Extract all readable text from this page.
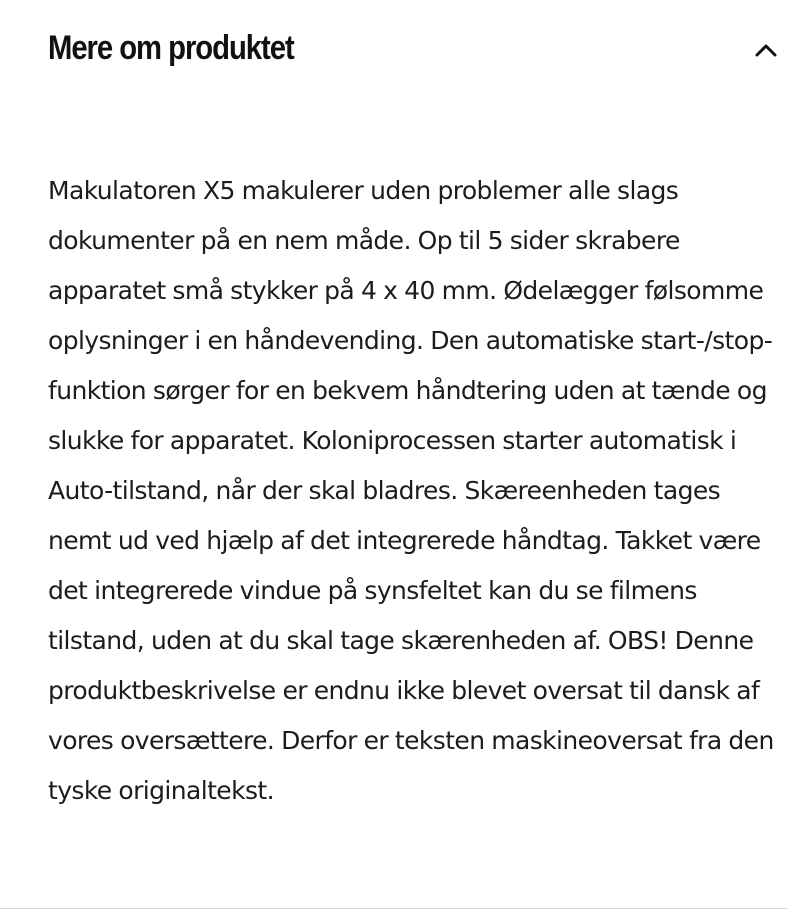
Mere om produktet

Makulatoren X5 makulerer uden problemer alle slags dokumenter på en nem måde. Op til 5 sider skrabere apparatet små stykker på 4 x 40 mm. Ødelægger følsomme oplysninger i en håndevending. Den automatiske start-/stop-funktion sørger for en bekvem håndtering uden at tænde og slukke for apparatet. Koloniprocessen starter automatisk i Auto-tilstand, når der skal bladres. Skæreenheden tages nemt ud ved hjælp af det integrerede håndtag. Takket være det integrerede vindue på synsfeltet kan du se filmens tilstand, uden at du skal tage skærenheden af. OBS! Denne produktbeskrivelse er endnu ikke blevet oversat til dansk af vores oversættere. Derfor er teksten maskineoversat fra den tyske originaltekst.
